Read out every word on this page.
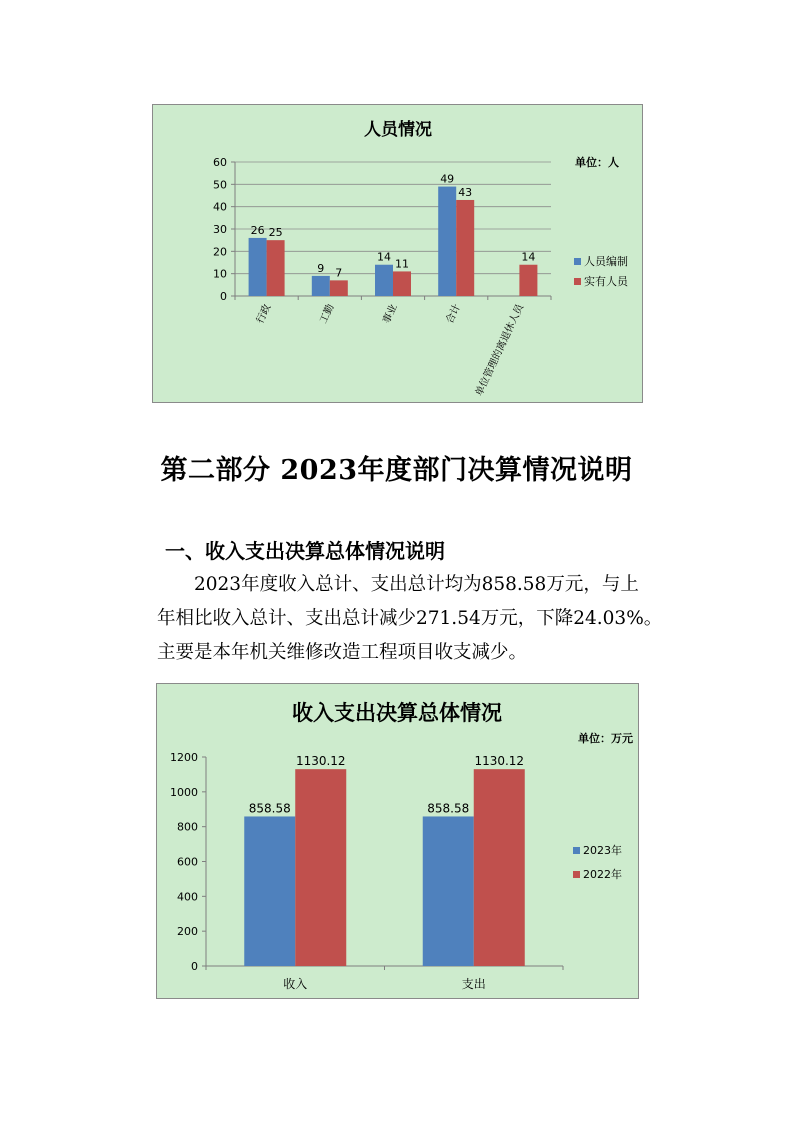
人员情况
单位：人
0
10
20
30
40
50
60
26 25
行政
9 7
工勤
14
11
事业
49
43
合计
14
单位管理的离退休人员
人员编制
实有人员
第二部分 2023年度部门决算情况说明
一、收入支出决算总体情况说明
　　2023年度收入总计、支出总计均为858.58万元，与上
年相比收入总计、支出总计减少271.54万元，下降24.03%。
主要是本年机关维修改造工程项目收支减少。
收入支出决算总体情况
单位：万元
0
200
400
600
800
1000
1200
858.58
1130.12
收入
858.58
1130.12
支出
2023年
2022年
